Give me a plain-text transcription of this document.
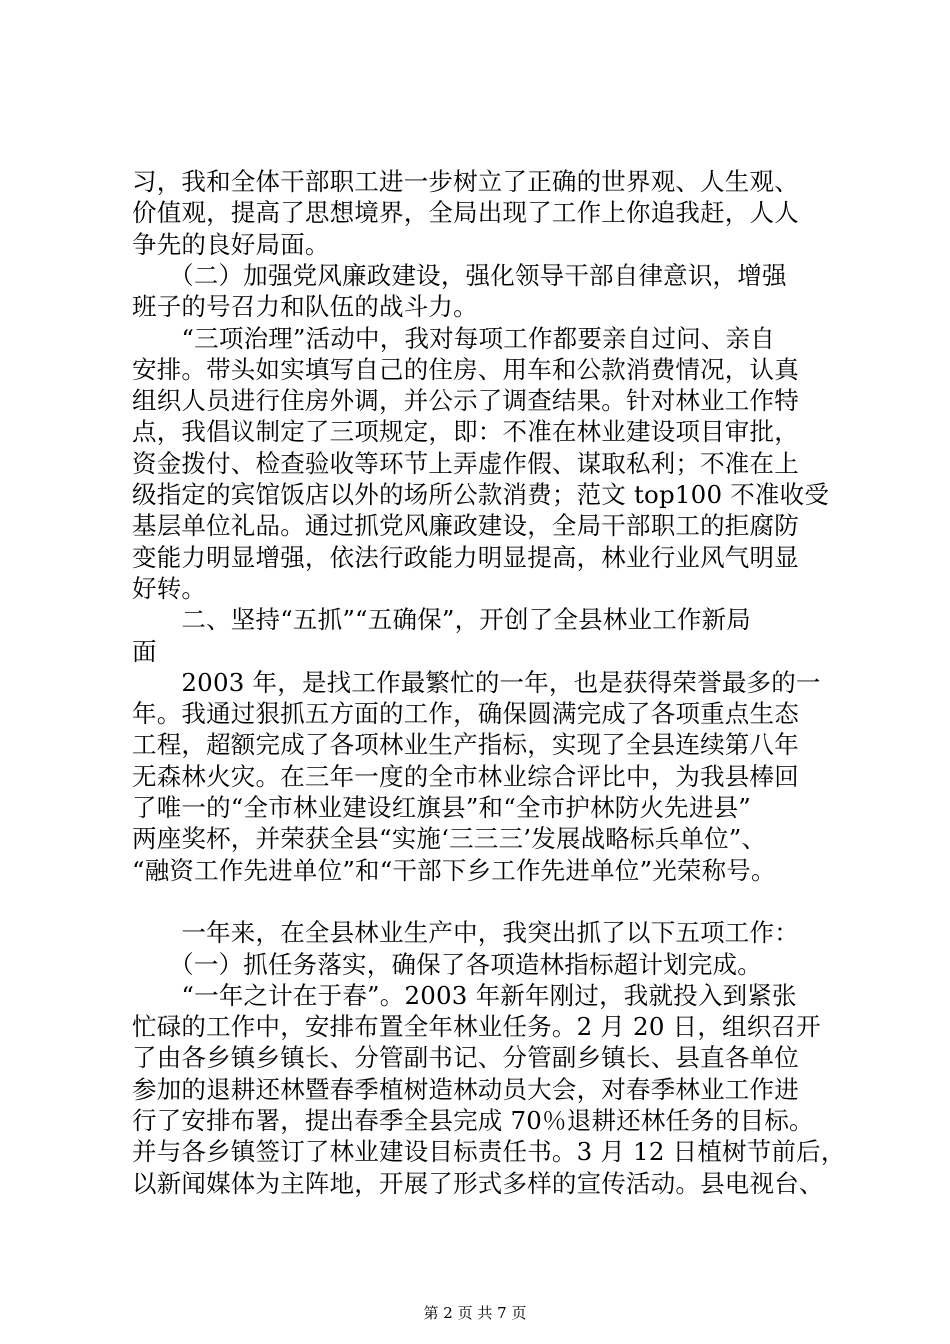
习，我和全体干部职工进一步树立了正确的世界观、人生观、
价值观，提高了思想境界，全局出现了工作上你追我赶，人人
争先的良好局面。
　　（二）加强党风廉政建设，强化领导干部自律意识，增强
班子的号召力和队伍的战斗力。
　　“三项治理”活动中，我对每项工作都要亲自过问、亲自
安排。带头如实填写自己的住房、用车和公款消费情况，认真
组织人员进行住房外调，并公示了调查结果。针对林业工作特
点，我倡议制定了三项规定，即：不准在林业建设项目审批，
资金拨付、检查验收等环节上弄虚作假、谋取私利；不准在上
级指定的宾馆饭店以外的场所公款消费；范文 top100 不准收受
基层单位礼品。通过抓党风廉政建设，全局干部职工的拒腐防
变能力明显增强，依法行政能力明显提高，林业行业风气明显
好转。
　　二、坚持“五抓”“五确保”，开创了全县林业工作新局
面
　　2003 年，是找工作最繁忙的一年，也是获得荣誉最多的一
年。我通过狠抓五方面的工作，确保圆满完成了各项重点生态
工程，超额完成了各项林业生产指标，实现了全县连续第八年
无森林火灾。在三年一度的全市林业综合评比中，为我县棒回
了唯一的“全市林业建设红旗县”和“全市护林防火先进县”
两座奖杯，并荣获全县“实施‘三三三’发展战略标兵单位”、
“融资工作先进单位”和“干部下乡工作先进单位”光荣称号。
　　一年来，在全县林业生产中，我突出抓了以下五项工作：
　　（一）抓任务落实，确保了各项造林指标超计划完成。
　　“一年之计在于春”。2003 年新年刚过，我就投入到紧张
忙碌的工作中，安排布置全年林业任务。2 月 20 日，组织召开
了由各乡镇乡镇长、分管副书记、分管副乡镇长、县直各单位
参加的退耕还林暨春季植树造林动员大会，对春季林业工作进
行了安排布署，提出春季全县完成 70％退耕还林任务的目标。
并与各乡镇签订了林业建设目标责任书。3 月 12 日植树节前后，
以新闻媒体为主阵地，开展了形式多样的宣传活动。县电视台、
第 2 页 共 7 页
